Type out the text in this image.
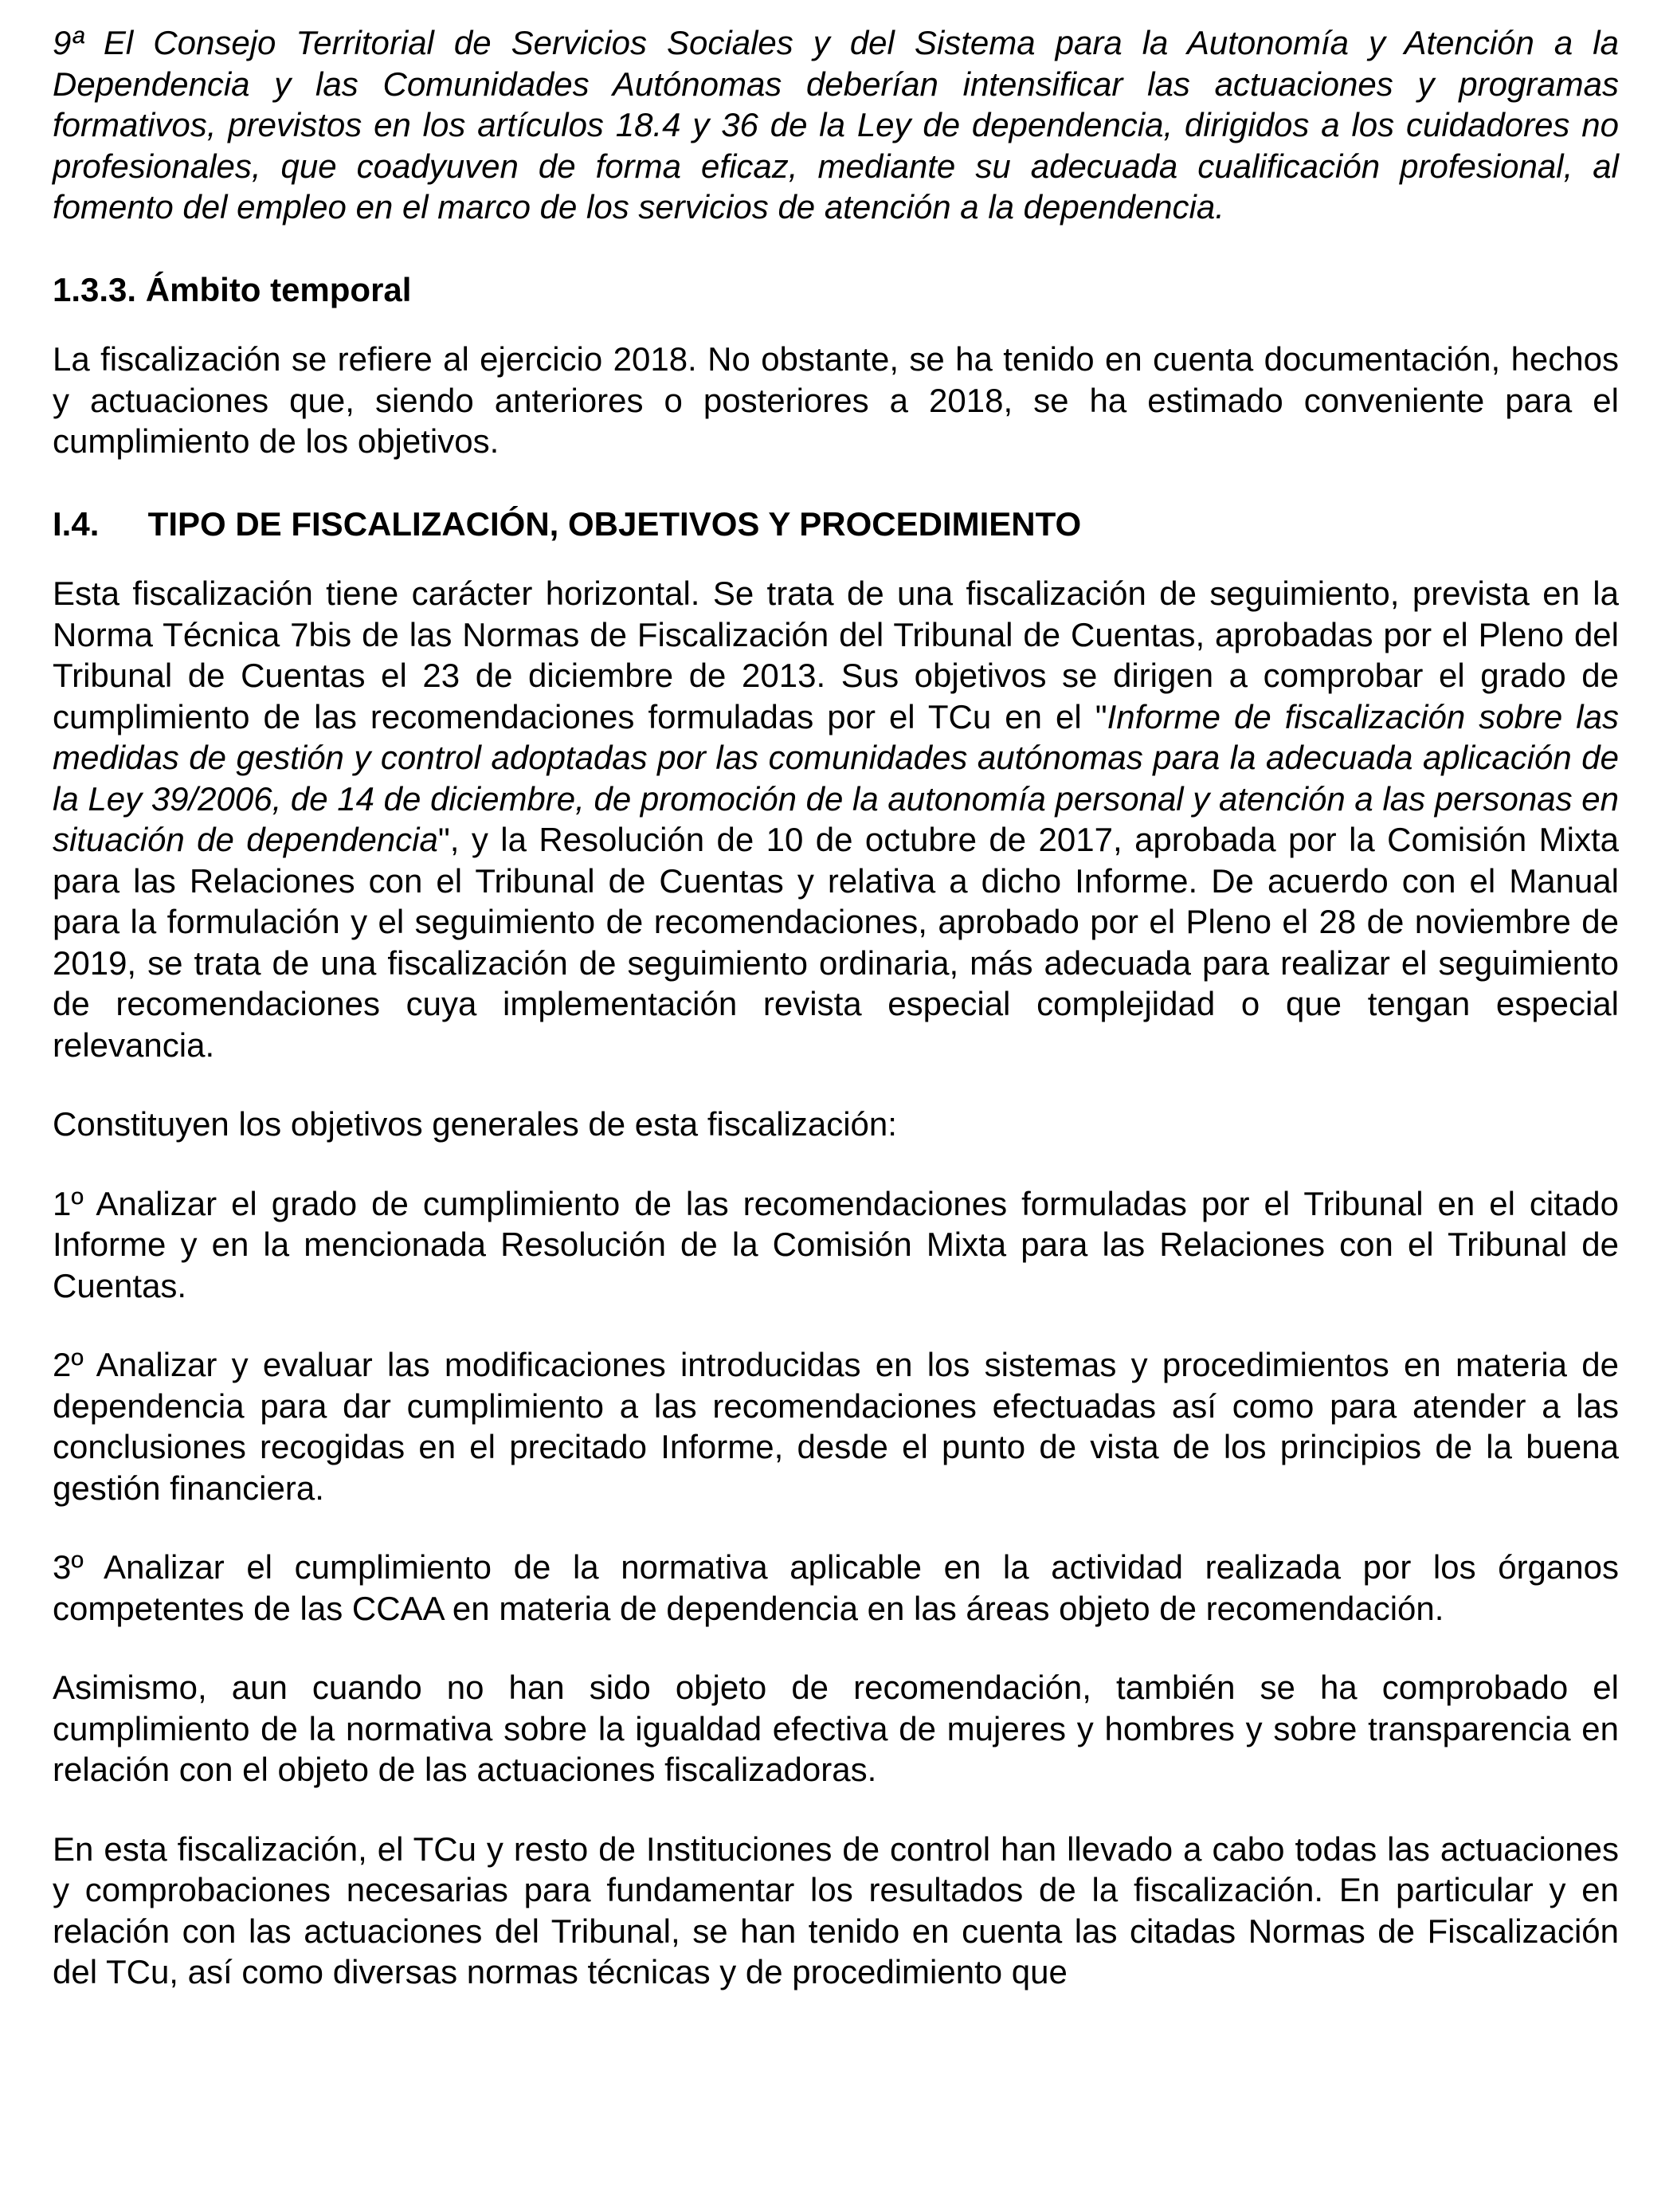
9ª El Consejo Territorial de Servicios Sociales y del Sistema para la Autonomía y Atención a la Dependencia y las Comunidades Autónomas deberían intensificar las actuaciones y programas formativos, previstos en los artículos 18.4 y 36 de la Ley de dependencia, dirigidos a los cuidadores no profesionales, que coadyuven de forma eficaz, mediante su adecuada cualificación profesional, al fomento del empleo en el marco de los servicios de atención a la dependencia.

1.3.3. Ámbito temporal

La fiscalización se refiere al ejercicio 2018. No obstante, se ha tenido en cuenta documentación, hechos y actuaciones que, siendo anteriores o posteriores a 2018, se ha estimado conveniente para el cumplimiento de los objetivos.

I.4. TIPO DE FISCALIZACIÓN, OBJETIVOS Y PROCEDIMIENTO

Esta fiscalización tiene carácter horizontal. Se trata de una fiscalización de seguimiento, prevista en la Norma Técnica 7bis de las Normas de Fiscalización del Tribunal de Cuentas, aprobadas por el Pleno del Tribunal de Cuentas el 23 de diciembre de 2013. Sus objetivos se dirigen a comprobar el grado de cumplimiento de las recomendaciones formuladas por el TCu en el "Informe de fiscalización sobre las medidas de gestión y control adoptadas por las comunidades autónomas para la adecuada aplicación de la Ley 39/2006, de 14 de diciembre, de promoción de la autonomía personal y atención a las personas en situación de dependencia", y la Resolución de 10 de octubre de 2017, aprobada por la Comisión Mixta para las Relaciones con el Tribunal de Cuentas y relativa a dicho Informe. De acuerdo con el Manual para la formulación y el seguimiento de recomendaciones, aprobado por el Pleno el 28 de noviembre de 2019, se trata de una fiscalización de seguimiento ordinaria, más adecuada para realizar el seguimiento de recomendaciones cuya implementación revista especial complejidad o que tengan especial relevancia.

Constituyen los objetivos generales de esta fiscalización:

1º Analizar el grado de cumplimiento de las recomendaciones formuladas por el Tribunal en el citado Informe y en la mencionada Resolución de la Comisión Mixta para las Relaciones con el Tribunal de Cuentas.

2º Analizar y evaluar las modificaciones introducidas en los sistemas y procedimientos en materia de dependencia para dar cumplimiento a las recomendaciones efectuadas así como para atender a las conclusiones recogidas en el precitado Informe, desde el punto de vista de los principios de la buena gestión financiera.

3º Analizar el cumplimiento de la normativa aplicable en la actividad realizada por los órganos competentes de las CCAA en materia de dependencia en las áreas objeto de recomendación.

Asimismo, aun cuando no han sido objeto de recomendación, también se ha comprobado el cumplimiento de la normativa sobre la igualdad efectiva de mujeres y hombres y sobre transparencia en relación con el objeto de las actuaciones fiscalizadoras.

En esta fiscalización, el TCu y resto de Instituciones de control han llevado a cabo todas las actuaciones y comprobaciones necesarias para fundamentar los resultados de la fiscalización. En particular y en relación con las actuaciones del Tribunal, se han tenido en cuenta las citadas Normas de Fiscalización del TCu, así como diversas normas técnicas y de procedimiento que
